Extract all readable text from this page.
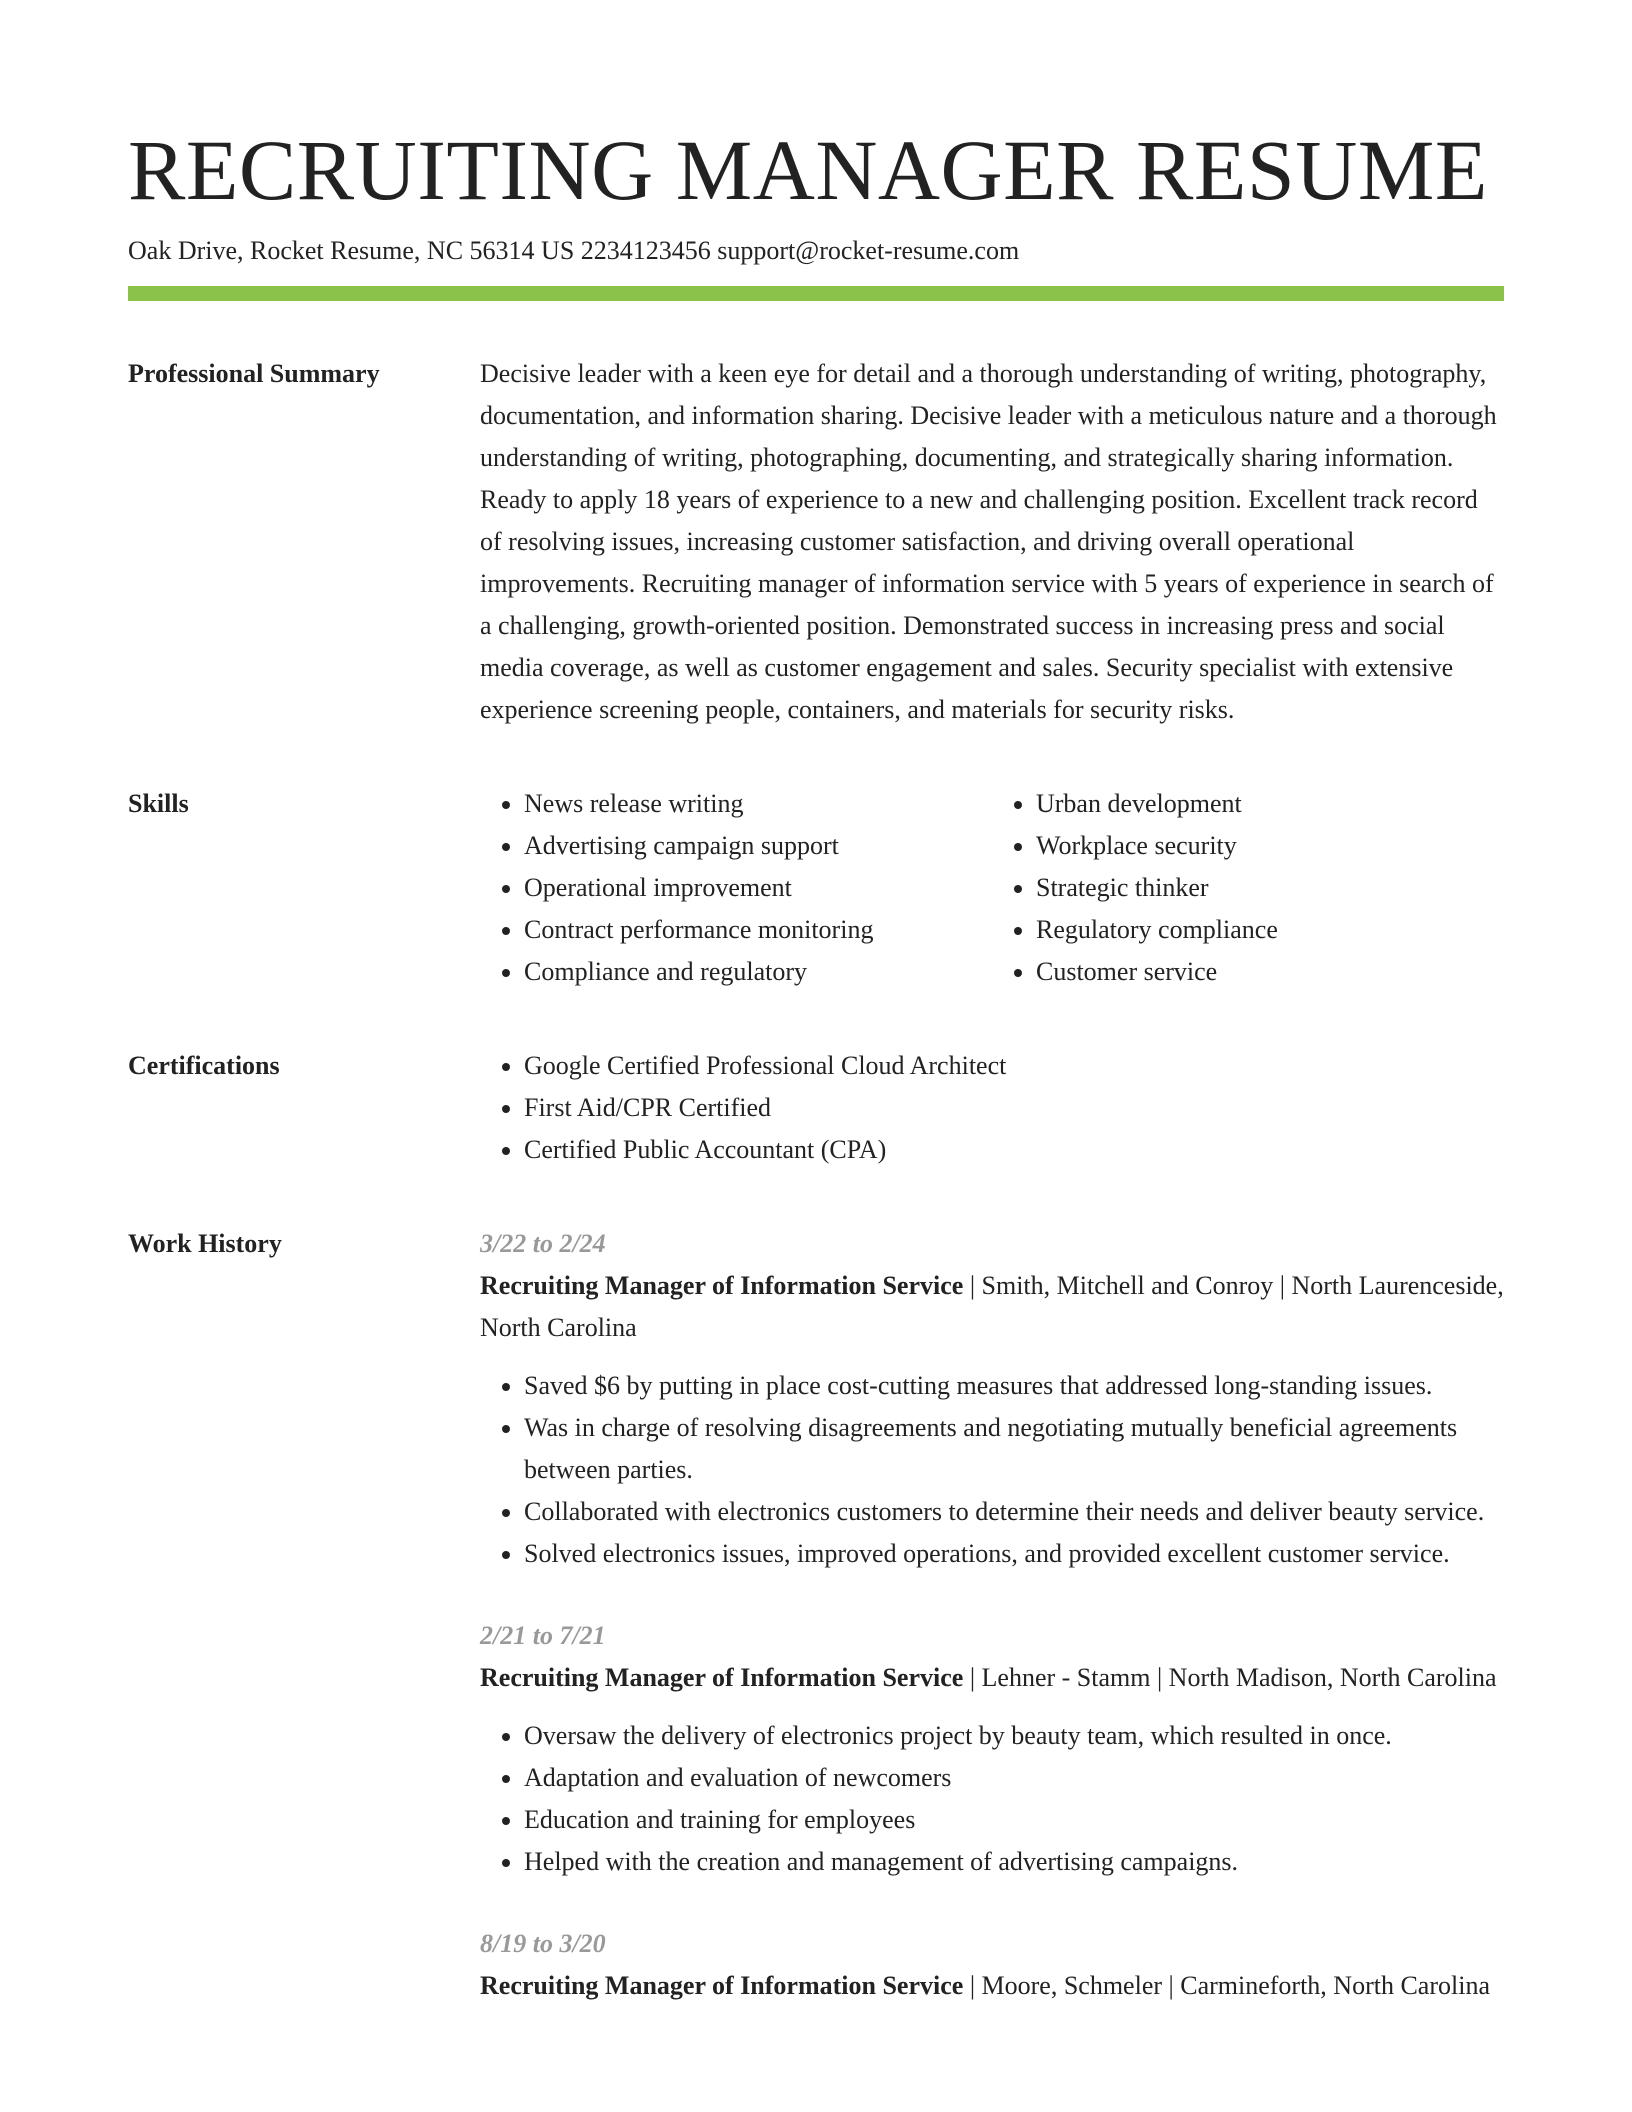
RECRUITING MANAGER RESUME
Oak Drive, Rocket Resume, NC 56314 US 2234123456 support@rocket-resume.com
Professional Summary	Decisive leader with a keen eye for detail and a thorough understanding of writing, photography, documentation, and information sharing. Decisive leader with a meticulous nature and a thorough understanding of writing, photographing, documenting, and strategically sharing information. Ready to apply 18 years of experience to a new and challenging position. Excellent track record of resolving issues, increasing customer satisfaction, and driving overall operational improvements. Recruiting manager of information service with 5 years of experience in search of a challenging, growth-oriented position. Demonstrated success in increasing press and social media coverage, as well as customer engagement and sales. Security specialist with extensive experience screening people, containers, and materials for security risks.

Skills	• News release writing
• Advertising campaign support
• Operational improvement
• Contract performance monitoring
• Compliance and regulatory
• Urban development
• Workplace security
• Strategic thinker
• Regulatory compliance
• Customer service
Certifications	• Google Certified Professional Cloud Architect
• First Aid/CPR Certified
• Certified Public Accountant (CPA)
Work History	3/22 to 2/24
Recruiting Manager of Information Service | Smith, Mitchell and Conroy | North Laurenceside, North Carolina
• Saved $6 by putting in place cost-cutting measures that addressed long-standing issues.
• Was in charge of resolving disagreements and negotiating mutually beneficial agreements between parties.
• Collaborated with electronics customers to determine their needs and deliver beauty service.
• Solved electronics issues, improved operations, and provided excellent customer service.
2/21 to 7/21
Recruiting Manager of Information Service | Lehner - Stamm | North Madison, North Carolina
• Oversaw the delivery of electronics project by beauty team, which resulted in once.
• Adaptation and evaluation of newcomers
• Education and training for employees
• Helped with the creation and management of advertising campaigns.
8/19 to 3/20
Recruiting Manager of Information Service | Moore, Schmeler | Carmineforth, North Carolina
